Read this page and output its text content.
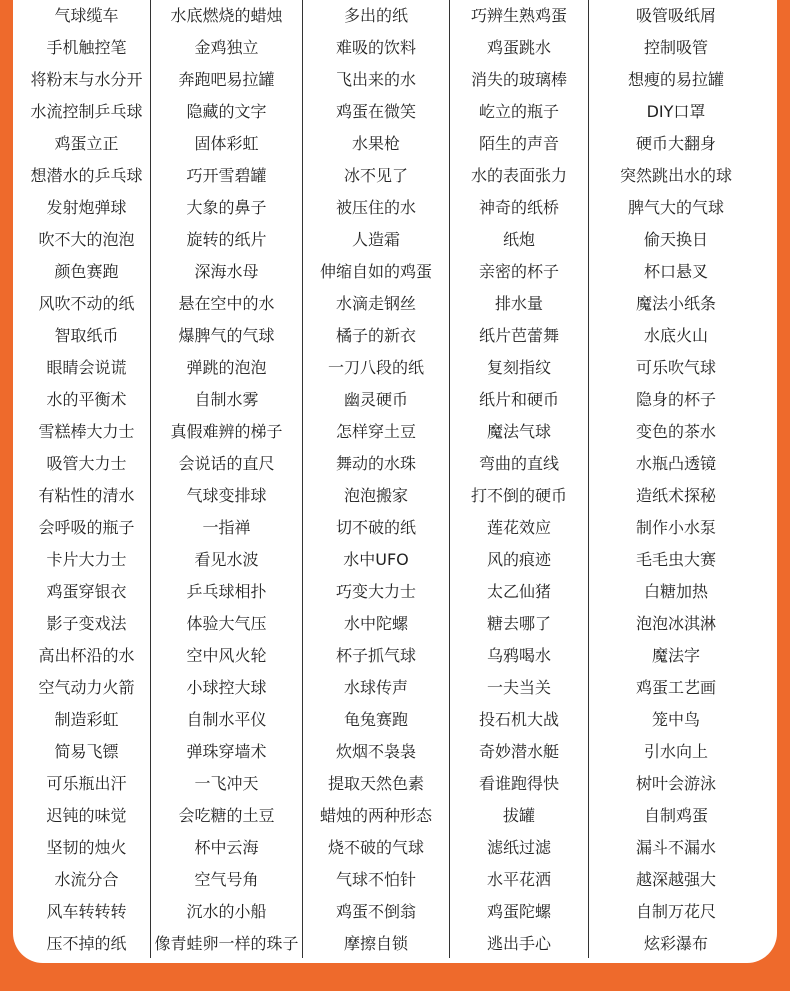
气球缆车
手机触控笔
将粉末与水分开
水流控制乒乓球
鸡蛋立正
想潜水的乒乓球
发射炮弹球
吹不大的泡泡
颜色赛跑
风吹不动的纸
智取纸币
眼睛会说谎
水的平衡术
雪糕棒大力士
吸管大力士
有粘性的清水
会呼吸的瓶子
卡片大力士
鸡蛋穿银衣
影子变戏法
高出杯沿的水
空气动力火箭
制造彩虹
简易飞镖
可乐瓶出汗
迟钝的味觉
坚韧的烛火
水流分合
风车转转转
压不掉的纸
水底燃烧的蜡烛
金鸡独立
奔跑吧易拉罐
隐藏的文字
固体彩虹
巧开雪碧罐
大象的鼻子
旋转的纸片
深海水母
悬在空中的水
爆脾气的气球
弹跳的泡泡
自制水雾
真假难辨的梯子
会说话的直尺
气球变排球
一指禅
看见水波
乒乓球相扑
体验大气压
空中风火轮
小球控大球
自制水平仪
弹珠穿墙术
一飞冲天
会吃糖的土豆
杯中云海
空气号角
沉水的小船
像青蛙卵一样的珠子
多出的纸
难吸的饮料
飞出来的水
鸡蛋在微笑
水果枪
冰不见了
被压住的水
人造霜
伸缩自如的鸡蛋
水滴走钢丝
橘子的新衣
一刀八段的纸
幽灵硬币
怎样穿土豆
舞动的水珠
泡泡搬家
切不破的纸
水中UFO
巧变大力士
水中陀螺
杯子抓气球
水球传声
龟兔赛跑
炊烟不袅袅
提取天然色素
蜡烛的两种形态
烧不破的气球
气球不怕针
鸡蛋不倒翁
摩擦自锁
巧辨生熟鸡蛋
鸡蛋跳水
消失的玻璃棒
屹立的瓶子
陌生的声音
水的表面张力
神奇的纸桥
纸炮
亲密的杯子
排水量
纸片芭蕾舞
复刻指纹
纸片和硬币
魔法气球
弯曲的直线
打不倒的硬币
莲花效应
风的痕迹
太乙仙猪
糖去哪了
乌鸦喝水
一夫当关
投石机大战
奇妙潜水艇
看谁跑得快
拔罐
滤纸过滤
水平花洒
鸡蛋陀螺
逃出手心
吸管吸纸屑
控制吸管
想瘦的易拉罐
DIY口罩
硬币大翻身
突然跳出水的球
脾气大的气球
偷天换日
杯口悬叉
魔法小纸条
水底火山
可乐吹气球
隐身的杯子
变色的茶水
水瓶凸透镜
造纸术探秘
制作小水泵
毛毛虫大赛
白糖加热
泡泡冰淇淋
魔法字
鸡蛋工艺画
笼中鸟
引水向上
树叶会游泳
自制鸡蛋
漏斗不漏水
越深越强大
自制万花尺
炫彩瀑布
